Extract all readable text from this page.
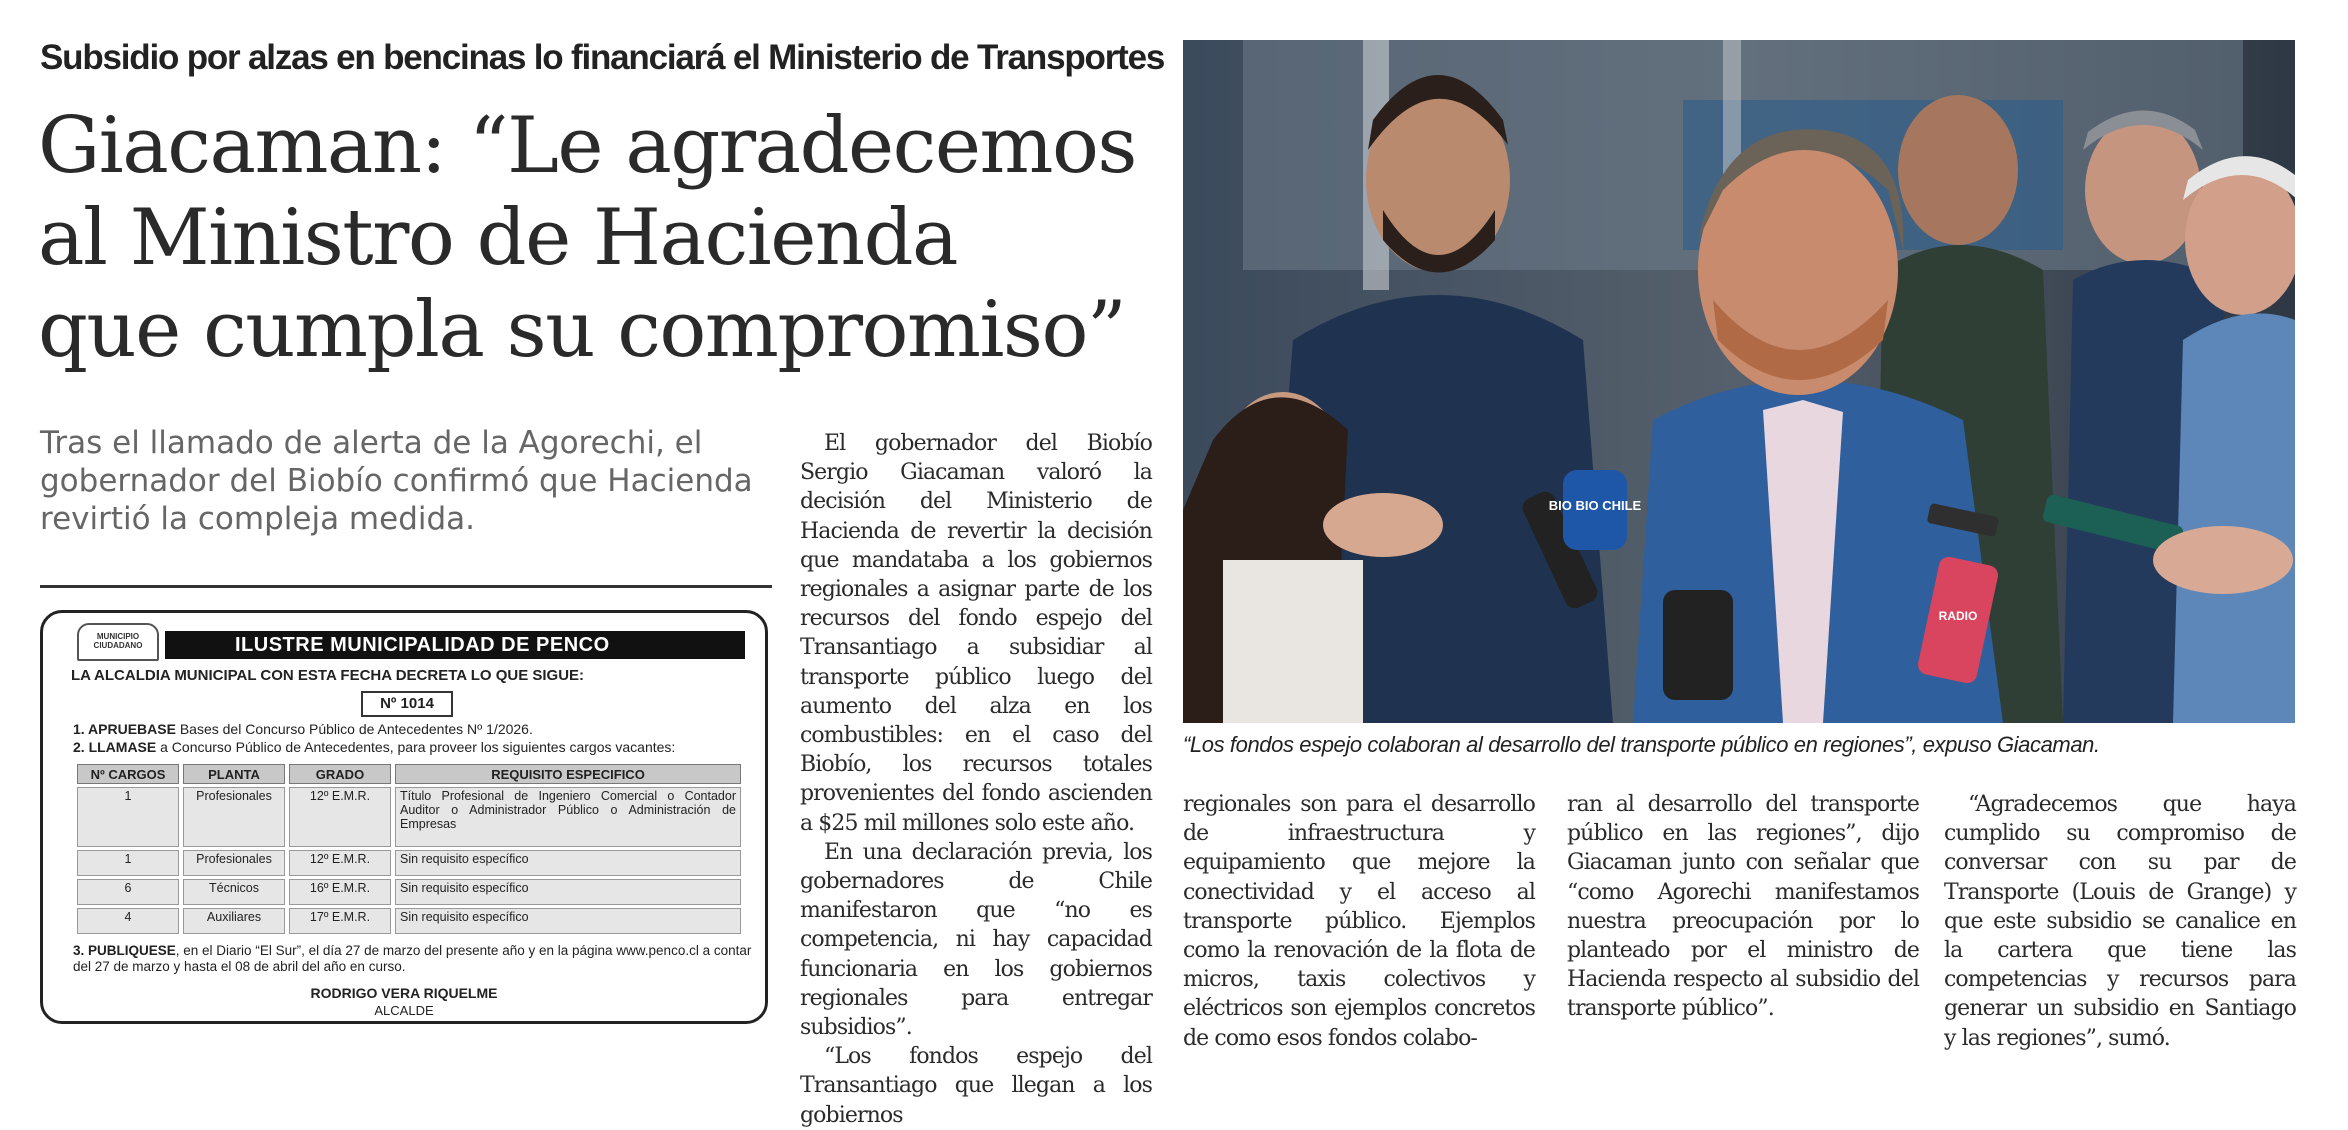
Subsidio por alzas en bencinas lo financiará el Ministerio de Transportes
Giacaman: “Le agradecemos
al Ministro de Hacienda
que cumpla su compromiso”
Tras el llamado de alerta de la Agorechi, el gobernador del Biobío confirmó que Hacienda revirtió la compleja medida.
MUNICIPIO CIUDADANO	ILUSTRE MUNICIPALIDAD DE PENCO
LA ALCALDIA MUNICIPAL CON ESTA FECHA DECRETA LO QUE SIGUE:
Nº 1014
1. APRUEBASE Bases del Concurso Público de Antecedentes Nº 1/2026.
2. LLAMASE a Concurso Público de Antecedentes, para proveer los siguientes cargos vacantes:
Nº CARGOS	PLANTA	GRADO	REQUISITO ESPECIFICO
1	Profesionales	12º E.M.R.	Título Profesional de Ingeniero Comercial o Contador Auditor o Administrador Público o Administración de Empresas
1	Profesionales	12º E.M.R.	Sin requisito específico
6	Técnicos	16º E.M.R.	Sin requisito específico
4	Auxiliares	17º E.M.R.	Sin requisito específico
3. PUBLIQUESE, en el Diario “El Sur”, el día 27 de marzo del presente año y en la página www.penco.cl a contar del 27 de marzo y hasta el 08 de abril del año en curso.
RODRIGO VERA RIQUELME
ALCALDE
BIO BIO CHILE
RADIO
“Los fondos espejo colaboran al desarrollo del transporte público en regiones”, expuso Giacaman.

El gobernador del Biobío Sergio Giacaman valoró la decisión del Ministerio de Hacienda de revertir la decisión que mandataba a los gobiernos regionales a asignar parte de los recursos del fondo espejo del Transantiago a subsidiar al transporte público luego del aumento del alza en los combustibles: en el caso del Biobío, los recursos totales provenientes del fondo ascienden a $25 mil millones solo este año.

En una declaración previa, los gobernadores de Chile manifestaron que “no es competencia, ni hay capacidad funcionaria en los gobiernos regionales para entregar subsidios”.

“Los fondos espejo del Transantiago que llegan a los gobiernos

regionales son para el desarrollo de infraestructura y equipamiento que mejore la conectividad y el acceso al transporte público. Ejemplos como la renovación de la flota de micros, taxis colectivos y eléctricos son ejemplos concretos de como esos fondos colabo-

ran al desarrollo del transporte público en las regiones”, dijo Giacaman junto con señalar que “como Agorechi manifestamos nuestra preocupación por lo planteado por el ministro de Hacienda respecto al subsidio del transporte público”.

“Agradecemos que haya cumplido su compromiso de conversar con su par de Transporte (Louis de Grange) y que este subsidio se canalice en la cartera que tiene las competencias y recursos para generar un subsidio en Santiago y las regiones”, sumó.
